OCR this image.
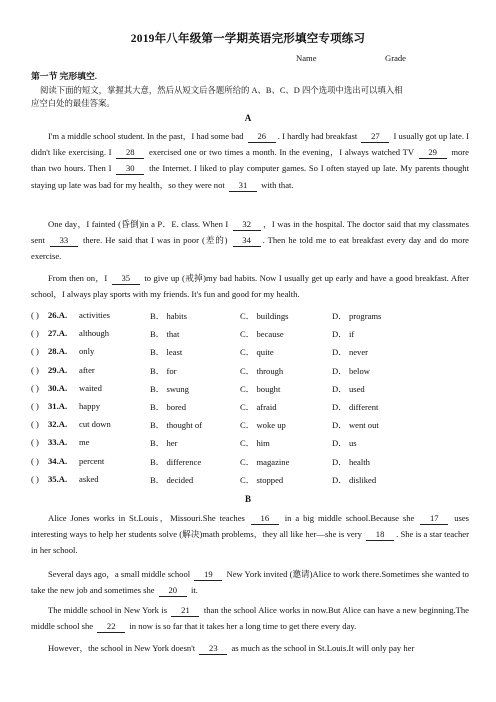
2019年八年级第一学期英语完形填空专项练习
Name	Grade
第一节 完形填空.
阅读下面的短文，掌握其大意，然后从短文后各题所给的 A、B、C、D 四个选项中选出可以填入相
应空白处的最佳答案。
A
I'm a middle school student. In the past，I had some bad 26 . I hardly had breakfast 27 I usually got up late. I didn't like exercising. I 28 exercised one or two times a month. In the evening，I always watched TV 29 more than two hours. Then I 30 the Internet. I liked to play computer games. So I often stayed up late. My parents thought staying up late was bad for my health，so they were not 31 with that.
One day，I fainted (昏倒)in a P．E. class. When I 32 ，I was in the hospital. The doctor said that my classmates sent 33 there. He said that I was in poor (差的) 34 . Then he told me to eat breakfast every day and do more exercise.
From then on，I 35 to give up (戒掉)my bad habits. Now I usually get up early and have a good breakfast. After school，I always play sports with my friends. It's fun and good for my health.
( ) 26.A. activities	B． habits	C． buildings	D． programs
( ) 27.A. although	B． that	C． because	D． if
( ) 28.A. only	B． least	C． quite	D． never
( ) 29.A. after	B． for	C． through	D． below
( ) 30.A. waited	B． swung	C． bought	D． used
( ) 31.A. happy	B． bored	C． afraid	D． different
( ) 32.A. cut down	B． thought of	C． woke up	D． went out
( ) 33.A. me	B． her	C． him	D． us
( ) 34.A. percent	B． difference	C． magazine	D． health
( ) 35.A. asked	B． decided	C． stopped	D． disliked
B
Alice Jones works in St.Louis，Missouri.She teaches 16 in a big middle school.Because she 17 uses interesting ways to help her students solve (解决)math problems，they all like her—she is very 18 . She is a star teacher in her school.
Several days ago，a small middle school 19 New York invited (邀请)Alice to work there.Sometimes she wanted to take the new job and sometimes she 20 it.
The middle school in New York is 21 than the school Alice works in now.But Alice can have a new beginning.The middle school she 22 in now is so far that it takes her a long time to get there every day.
However，the school in New York doesn't 23 as much as the school in St.Louis.It will only pay her
